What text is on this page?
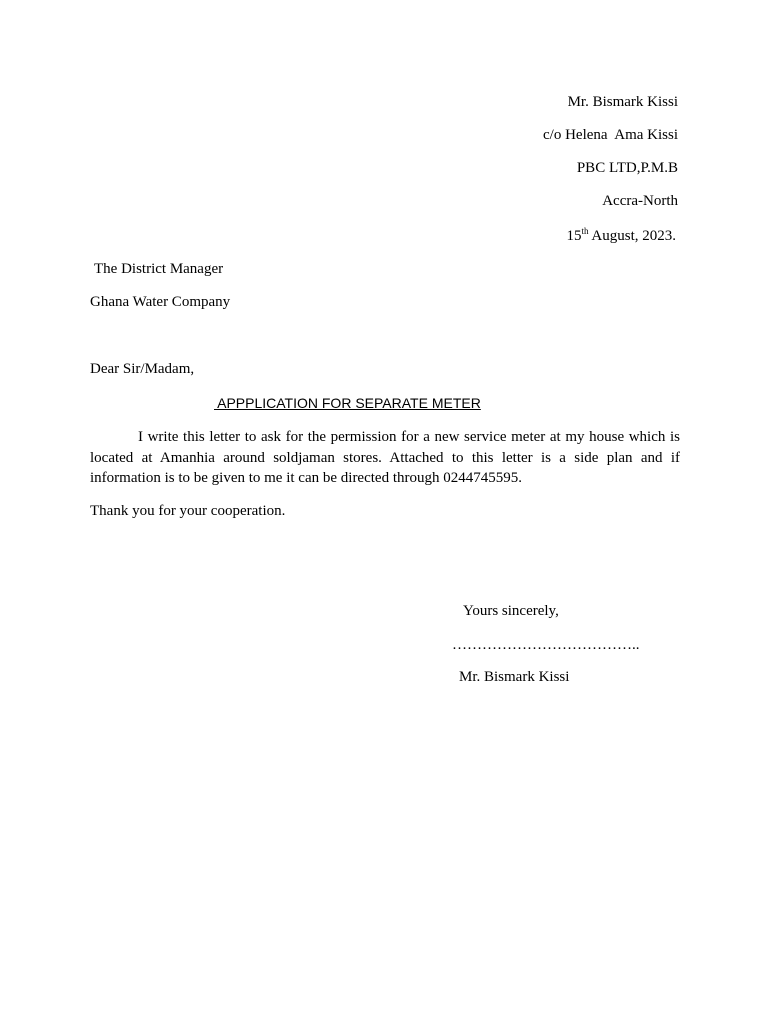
Mr. Bismark Kissi
c/o Helena  Ama Kissi
PBC LTD,P.M.B
Accra-North
15th August, 2023.
The District Manager
Ghana Water Company
Dear Sir/Madam,
APPPLICATION FOR SEPARATE METER
I write this letter to ask for the permission for a new service meter at my house which is located at Amanhia around soldjaman stores. Attached to this letter is a side plan and if information is to be given to me it can be directed through 0244745595.
Thank you for your cooperation.
Yours sincerely,
………………………………..
Mr. Bismark Kissi
